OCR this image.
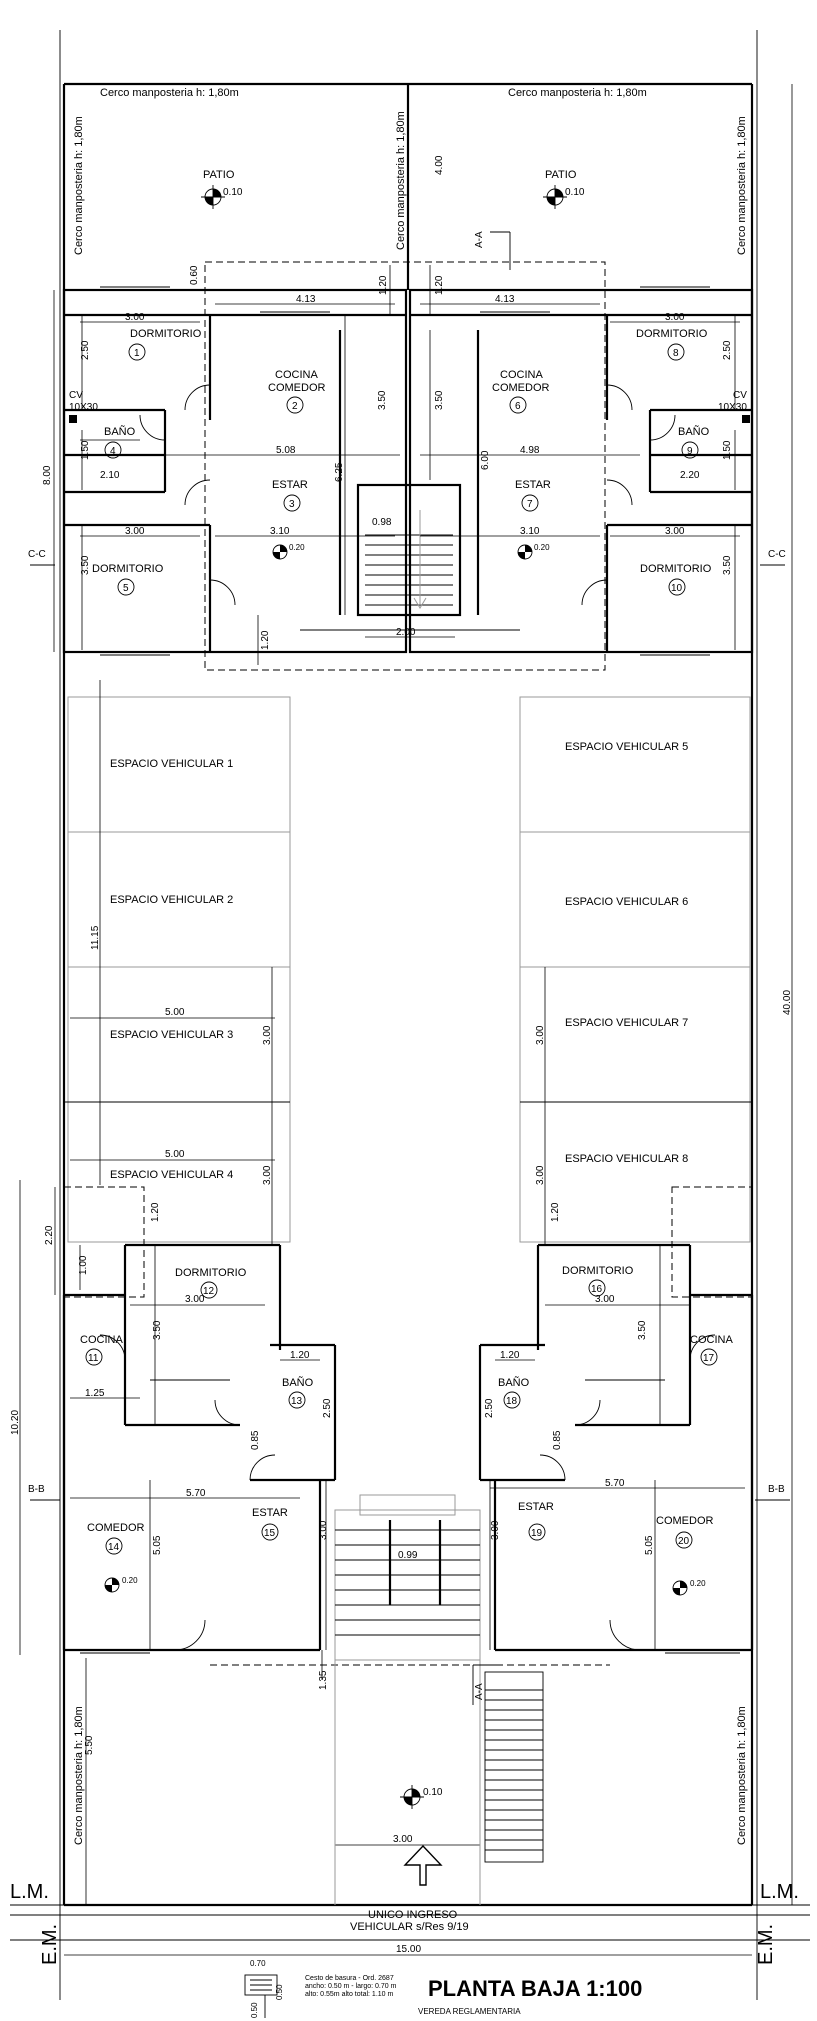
Cerco manposteria h: 1,80m	Cerco manposteria h: 1,80m
Cerco manposteria h: 1,80m	Cerco manposteria h: 1,80m	Cerco manposteria h: 1,80m
Cerco manposteria h: 1,80m	Cerco manposteria h: 1,80m
PATIO	PATIO
0.10	0.10
DORMITORIO
1
COCINA
COMEDOR
2
BAÑO
4
ESTAR
3
DORMITORIO
5
DORMITORIO
8
COCINA
COMEDOR
6
BAÑO
9
ESTAR
7
DORMITORIO
10
CV
10X30
CV
10X30
0.20	0.20
3.00
4.13	4.13
3.00
0.60
4.00
1.20	1.20
2.50	2.50
3.50	3.50
1.50	1.50
5.08	4.98
6.25
6.00
2.10	2.20
8.00
3.00	3.10
0.98
3.10	3.00
3.50	3.50
2.00
1.20
A-A
C-C	C-C
ESPACIO VEHICULAR 1
ESPACIO VEHICULAR 2
ESPACIO VEHICULAR 3
ESPACIO VEHICULAR 4
ESPACIO VEHICULAR 5
ESPACIO VEHICULAR 6
ESPACIO VEHICULAR 7
ESPACIO VEHICULAR 8
11.15
5.00
5.00
3.00
3.00
3.00
3.00
40.00
DORMITORIO
12
COCINA
11
BAÑO
13
COMEDOR
14
ESTAR
15
DORMITORIO
16
COCINA
17
BAÑO
18
ESTAR
19
COMEDOR
20
0.20	0.20
0.10
2.20
1.00
1.20	1.20
3.00	3.00
3.50	3.50
1.25
1.20	1.20
2.50	2.50
0.85	0.85
5.70
5.70
5.05	5.05
3.00	3.00
0.99
1.35
10.20
5.50
3.00
B-B	B-B
A-A
UNICO INGRESO
VEHICULAR s/Res 9/19
L.M.	L.M.
E.M.	E.M.
15.00
0.70
0.50
0.50
Cesto de basura - Ord. 2687
ancho: 0.50 m - largo: 0.70 m
alto: 0.55m alto total: 1.10 m PLANTA BAJA 1:100
VEREDA REGLAMENTARIA
